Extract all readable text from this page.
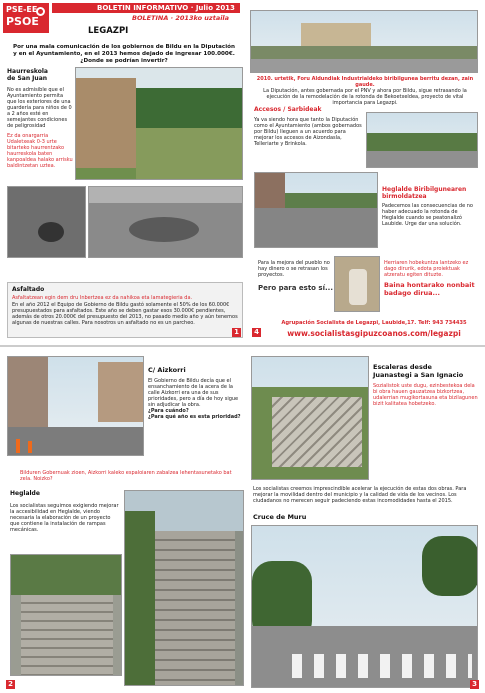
PSE-EE
PSOE
BOLETIN INFORMATIVO · Julio 2013
BOLETINA · 2013ko uztaila
LEGAZPI
Por una mala comunicación de los gobiernos de Bildu en la Diputación
y en el Ayuntamiento, en el 2013 hemos dejado de ingresar 100.000€.
¿Donde se podrían invertir?
Haurreskola
de San Juan
No es admisible que el Ayuntamiento permita que los exteriores de una guardería para niños de 0 a 2 años esté en semejantes condiciones de peligrosidad
Ez da onargarria Udaletxeak 0-3 urte bitarteko haurrentzako haurreskola baten kanpoaldea halako arrisku baldintzetan uztea.
Asfaltado
Asfaltatzean egin dem dru Inbertzea ez da nahikoa eta lamategieria da.
En el año 2012 el Equipo de Gobierno de Bildu gastó solamente el 50% de los 60.000€ presupuestados para asfaltados. Este año se deben gastar esos 30.000€ pendientes, además de otros 20.000€ del presupuesto del 2013, no pasado medio año y aún tenemos algunas de nuestras calles. Para nosotros un asfaltado no es un parcheo.
1
2010. urtetik, Foru Aldundiak Industrialdeko biribilgunea berritu dezan, zain gaude.
La Diputación, antes gobernada por el PNV y ahora por Bildu, sigue retrasando la ejecución de la remodelación de la rotonda de Bekoetxeldea, proyecto de vital importancia para Legazpi.
Accesos / Sarbideak
Ya va siendo hora que tanto la Diputación como el Ayuntamiento (ambos gobernados por Bildu) lleguen a un acuerdo para mejorar los accesos de Aizondasla, Telleriarte y Brinkola.
Heglalde Biribilgunearen
birmoldatzea
Padecemos las consecuencias de no haber adecuado la rotonda de Heglalde cuando se peatonalizó Laubide. Urge dar una solución.
Para la mejora del pueblo no hay dinero o se retrasan los proyectos.
Pero para esto sí...
Herriaren hobekuntza lantzeko ez dago dirurik, edota proiektuak atzeratu egiten dituzte.
Baina hontarako nonbait badago dirua...
4
Agrupación Socialista de Legazpi, Laubide,17. Telf: 943 734435
www.socialistasgipuzcoanos.com/legazpi
C/ Aizkorri
El Gobierno de Bildu decía que el ensanchamiento de la acera de la calle Aizkorri era una de sus prioridades, pero a día de hoy sigue sin adjudicar la obra.
¿Para cuándo?
¿Para qué año es esta prioridad?
Bilduren Gobernuak zioen, Aizkorri kaleko espaloiaren zabalzea lehentasunetako bat zela. Noizko?
Heglalde
Los socialistas seguimos exigiendo mejorar la accesibilidad en Heglalde, viendo necesaria la elaboración de un proyecto que contiene la instalación de rampas mecánicas.
2
Escaleras desde
Juanastegi a San Ignacio
Sozialistok uste dugu, ezinbestekoa dela bi obra hauen gauzatzea bizkortzea, udalerrian mugikortasuna eta bizilagunen bizit kalitatea hobetzeko.
Los socialistas creemos imprescindible acelerar la ejecución de estas dos obras. Para mejorar la movilidad dentro del municipio y la calidad de vida de los vecinos. Los ciudadanos no merecen seguir padeciendo estas incomodidades hasta el 2015.
Cruce de Muru
3
